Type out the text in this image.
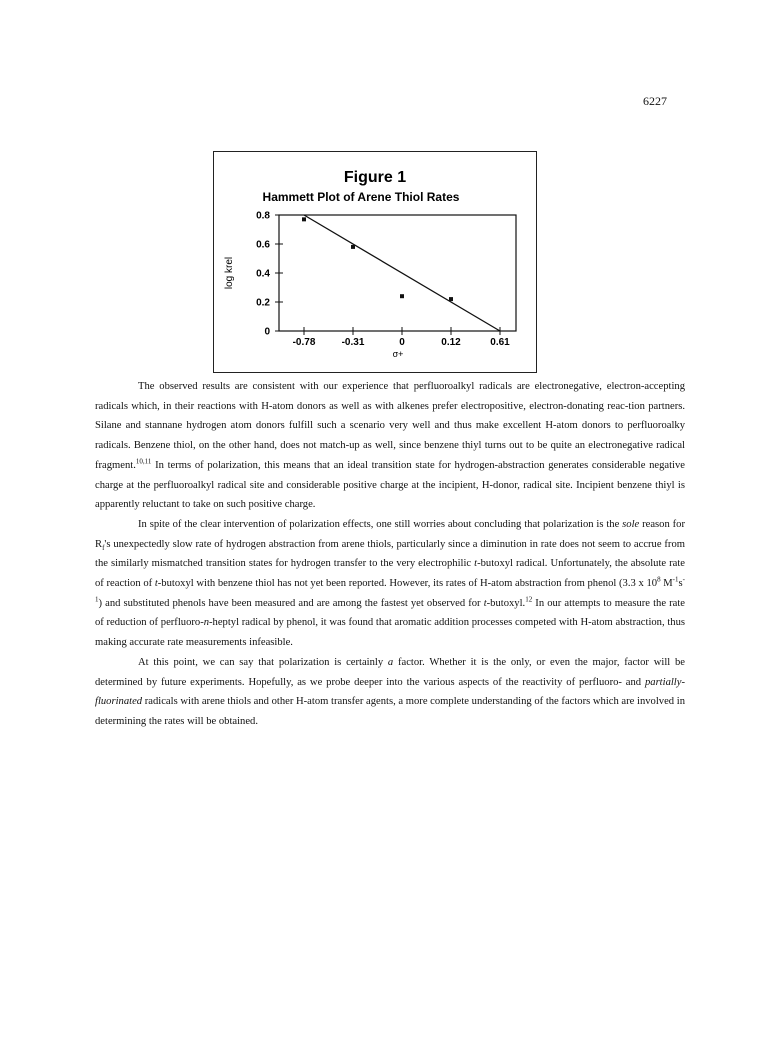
6227
Figure 1
Hammett Plot of Arene Thiol Rates
log krel
σ+
0
0.2
0.4
0.6
0.8
-0.78	-0.31	0	0.12	0.61

The observed results are consistent with our experience that perfluoroalkyl radicals are electronegative, electron-accepting radicals which, in their reactions with H-atom donors as well as with alkenes prefer electropositive, electron-donating reac-tion partners. Silane and stannane hydrogen atom donors fulfill such a scenario very well and thus make excellent H-atom donors to perfluoroalky radicals. Benzene thiol, on the other hand, does not match-up as well, since benzene thiyl turns out to be quite an electronegative radical fragment.$^{10,11}$ In terms of polarization, this means that an ideal transition state for hydrogen-abstraction generates considerable negative charge at the perfluoroalkyl radical site and considerable positive charge at the incipient, H-donor, radical site. Incipient benzene thiyl is apparently reluctant to take on such positive charge.

In spite of the clear intervention of polarization effects, one still worries about concluding that polarization is the sole reason for $R_f's$ unexpectedly slow rate of hydrogen abstraction from arene thiols, particularly since a diminution in rate does not seem to accrue from the similarly mismatched transition states for hydrogen transfer to the very electrophilic t-butoxyl radical. Unfortunately, the absolute rate of reaction of t-butoxyl with benzene thiol has not yet been reported. However, its rates of H-atom abstraction from phenol (3.3 x $10^8$ $M^{-1}s^{-1}$) and substituted phenols have been measured and are among the fastest yet observed for t-butoxyl.$^{12}$ In our attempts to measure the rate of reduction of perfluoro-n-heptyl radical by phenol, it was found that aromatic addition processes competed with H-atom abstraction, thus making accurate rate measurements infeasible.

At this point, we can say that polarization is certainly a factor. Whether it is the only, or even the major, factor will be determined by future experiments. Hopefully, as we probe deeper into the various aspects of the reactivity of perfluoro- and partially-fluorinated radicals with arene thiols and other H-atom transfer agents, a more complete understanding of the factors which are involved in determining the rates will be obtained.
